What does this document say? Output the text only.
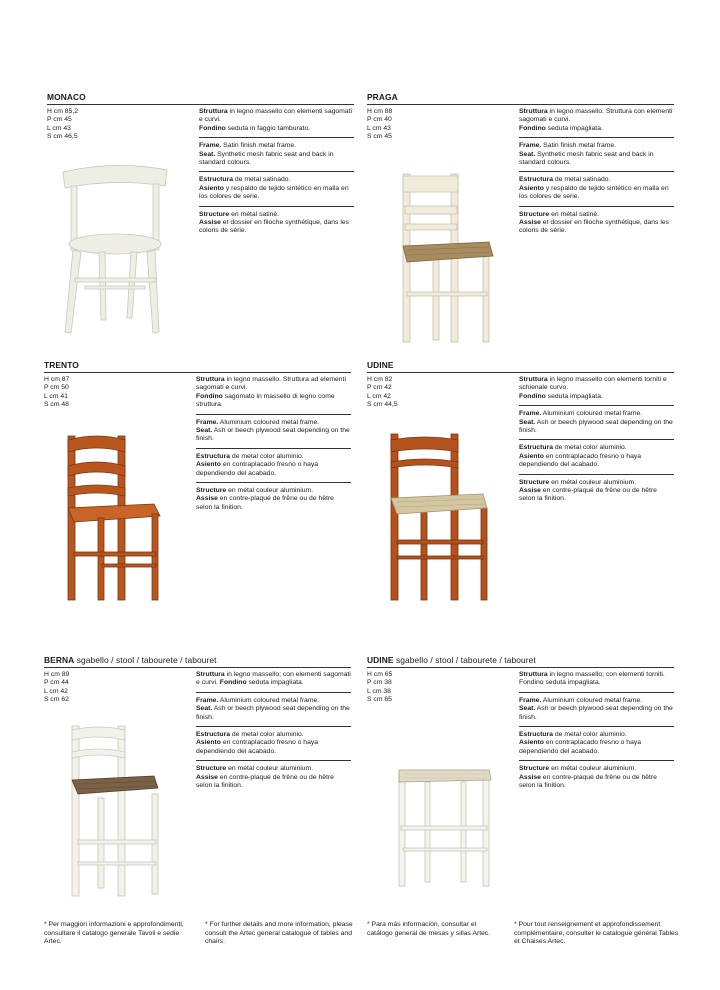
MONACO
H cm 85,2
P cm 45
L cm 43
S cm 46,5
Struttura in legno massello con elementi sagomati e curvi.
Fondino seduta in faggio tamburato.
Frame. Satin finish metal frame.
Seat. Synthetic mesh fabric seat and back in standard colours.
Estructura de metal satinado.
Asiento y respaldo de tejido sintético en malla en los colores de serie.
Structure en métal satiné.
Assise et dossier en filoche synthétique, dans les coloris de série.
PRAGA
H cm 88
P cm 40
L cm 43
S cm 45
Struttura in legno massello. Struttura con elementi sagomati e curvi.
Fondino seduta impagliata.
Frame. Satin finish metal frame.
Seat. Synthetic mesh fabric seat and back in standard colours.
Estructura de metal satinado.
Asiento y respaldo de tejido sintético en malla en los colores de serie.
Structure en métal satiné.
Assise et dossier en filoche synthétique, dans les coloris de série.
TRENTO
H cm 87
P cm 50
L cm 41
S cm 48
Struttura in legno massello. Struttura ad elementi sagomati e curvi.
Fondino sagomato in massello di legno come struttura.
Frame. Aluminium coloured metal frame.
Seat. Ash or beech plywood seat depending on the finish.
Estructura de metal color aluminio.
Asiento en contraplacado fresno o haya dependiendo del acabado.
Structure en métal couleur aluminium.
Assise en contre-plaqué de frêne ou de hêtre selon la finition.
UDINE
H cm 82
P cm 42
L cm 42
S cm 44,5
Struttura in legno massello con elementi torniti e schienale curvo.
Fondino seduta impagliata.
Frame. Aluminium coloured metal frame.
Seat. Ash or beech plywood seat depending on the finish.
Estructura de metal color aluminio.
Asiento en contraplacado fresno o haya dependiendo del acabado.
Structure en métal couleur aluminium.
Assise en contre-plaqué de frêne ou de hêtre selon la finition.
BERNA sgabello / stool / tabourete / tabouret
H cm 89
P cm 44
L cm 42
S cm 62
Struttura in legno massello; con elementi sagomati e curvi. Fondino seduta impagliata.
Frame. Aluminium coloured metal frame.
Seat. Ash or beech plywood seat depending on the finish.
Estructura de metal color aluminio.
Asiento en contraplacado fresno o haya dependiendo del acabado.
Structure en métal couleur aluminium.
Assise en contre-plaqué de frêne ou de hêtre selon la finition.
UDINE sgabello / stool / tabourete / tabouret
H cm 65
P cm 38
L cm 38
S cm 65
Struttura in legno massello; con elementi torniti. Fondino seduta impagliata.
Frame. Aluminium coloured metal frame.
Seat. Ash or beech plywood seat depending on the finish.
Estructura de metal color aluminio.
Asiento en contraplacado fresno o haya dependiendo del acabado.
Structure en métal couleur aluminium.
Assise en contre-plaqué de frêne ou de hêtre selon la finition.
* Per maggiori informazioni e approfondimenti, consultare il catalogo generale Tavoli e sedie Artec.
* For further details and more information, please consult the Artec general catalogue of tables and chairs.
* Para más información, consultar el catálogo general de mesas y sillas Artec.
* Pour tout renseignement et approfondissement complémentaire, consulter le catalogue général Tables et Chaises Artec.
